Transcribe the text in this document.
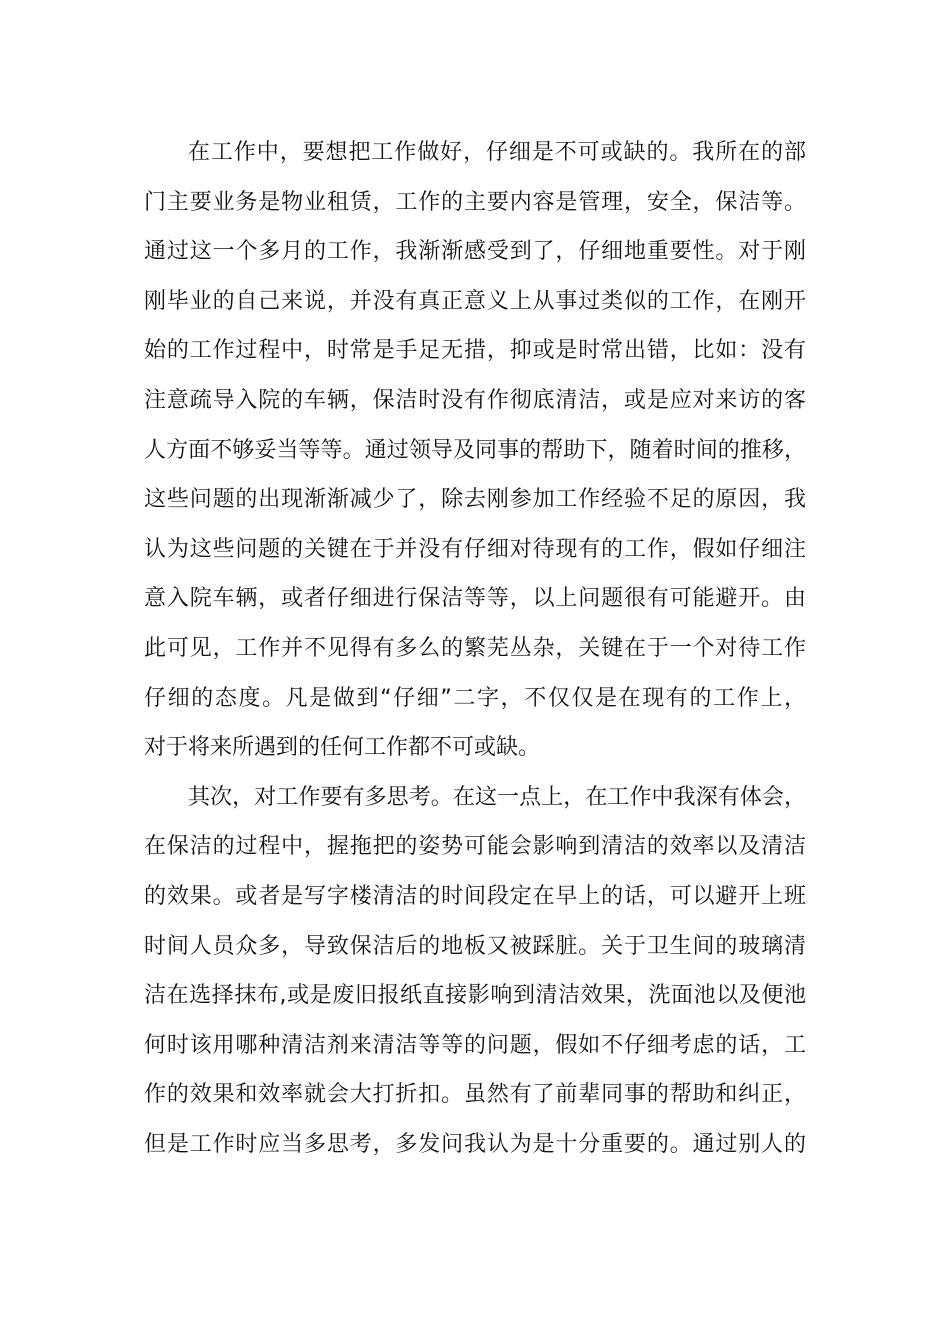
在工作中，要想把工作做好，仔细是不可或缺的。我所在的部
门主要业务是物业租赁，工作的主要内容是管理，安全，保洁等。
通过这一个多月的工作，我渐渐感受到了，仔细地重要性。对于刚
刚毕业的自己来说，并没有真正意义上从事过类似的工作，在刚开
始的工作过程中，时常是手足无措，抑或是时常出错，比如：没有
注意疏导入院的车辆，保洁时没有作彻底清洁，或是应对来访的客
人方面不够妥当等等。通过领导及同事的帮助下，随着时间的推移，
这些问题的出现渐渐减少了，除去刚参加工作经验不足的原因，我
认为这些问题的关键在于并没有仔细对待现有的工作，假如仔细注
意入院车辆，或者仔细进行保洁等等，以上问题很有可能避开。由
此可见，工作并不见得有多么的繁芜丛杂，关键在于一个对待工作
仔细的态度。凡是做到“仔细”二字，不仅仅是在现有的工作上，
对于将来所遇到的任何工作都不可或缺。
其次，对工作要有多思考。在这一点上，在工作中我深有体会，
在保洁的过程中，握拖把的姿势可能会影响到清洁的效率以及清洁
的效果。或者是写字楼清洁的时间段定在早上的话，可以避开上班
时间人员众多，导致保洁后的地板又被踩脏。关于卫生间的玻璃清
洁在选择抹布,或是废旧报纸直接影响到清洁效果，洗面池以及便池
何时该用哪种清洁剂来清洁等等的问题，假如不仔细考虑的话，工
作的效果和效率就会大打折扣。虽然有了前辈同事的帮助和纠正，
但是工作时应当多思考，多发问我认为是十分重要的。通过别人的
